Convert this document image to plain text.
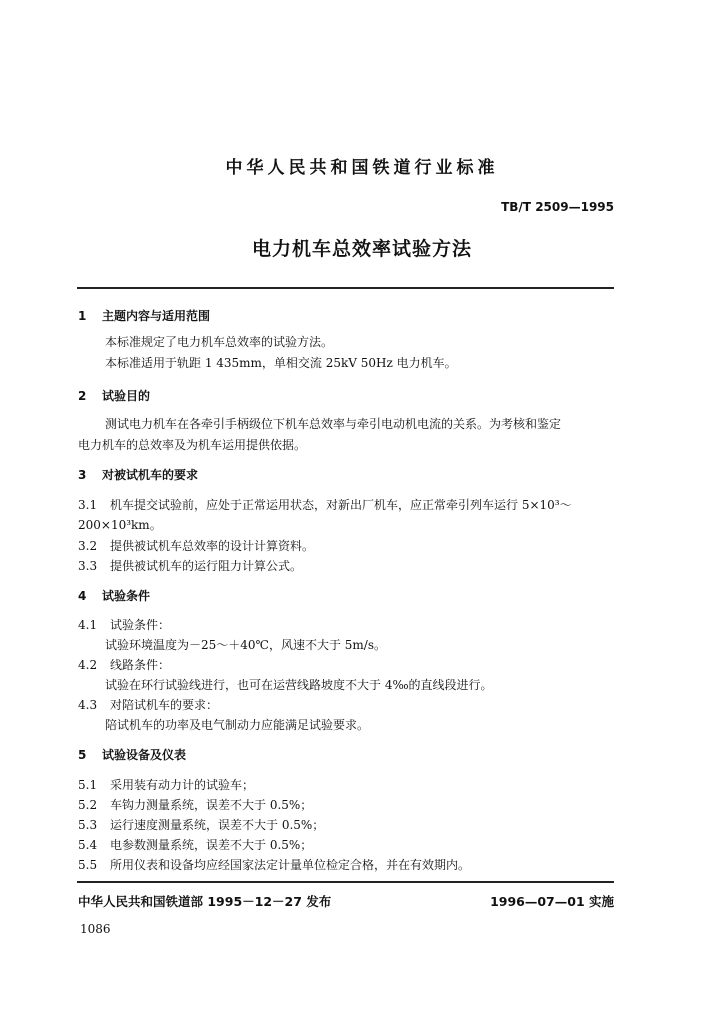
中华人民共和国铁道行业标准
TB/T 2509—1995
电力机车总效率试验方法
1 主题内容与适用范围
本标准规定了电力机车总效率的试验方法。
本标准适用于轨距 1 435mm，单相交流 25kV 50Hz 电力机车。
2 试验目的
测试电力机车在各牵引手柄级位下机车总效率与牵引电动机电流的关系。为考核和鉴定
电力机车的总效率及为机车运用提供依据。
3 对被试机车的要求
3.1 机车提交试验前，应处于正常运用状态，对新出厂机车，应正常牵引列车运行 5×10³～
200×10³km。
3.2 提供被试机车总效率的设计计算资料。
3.3 提供被试机车的运行阻力计算公式。
4 试验条件
4.1 试验条件：
试验环境温度为－25～＋40℃，风速不大于 5m/s。
4.2 线路条件：
试验在环行试验线进行，也可在运营线路坡度不大于 4‰的直线段进行。
4.3 对陪试机车的要求：
陪试机车的功率及电气制动力应能满足试验要求。
5 试验设备及仪表
5.1 采用装有动力计的试验车；
5.2 车钩力测量系统，误差不大于 0.5%；
5.3 运行速度测量系统，误差不大于 0.5%；
5.4 电参数测量系统，误差不大于 0.5%；
5.5 所用仪表和设备均应经国家法定计量单位检定合格，并在有效期内。
中华人民共和国铁道部 1995－12－27 发布	1996—07—01 实施
1086
